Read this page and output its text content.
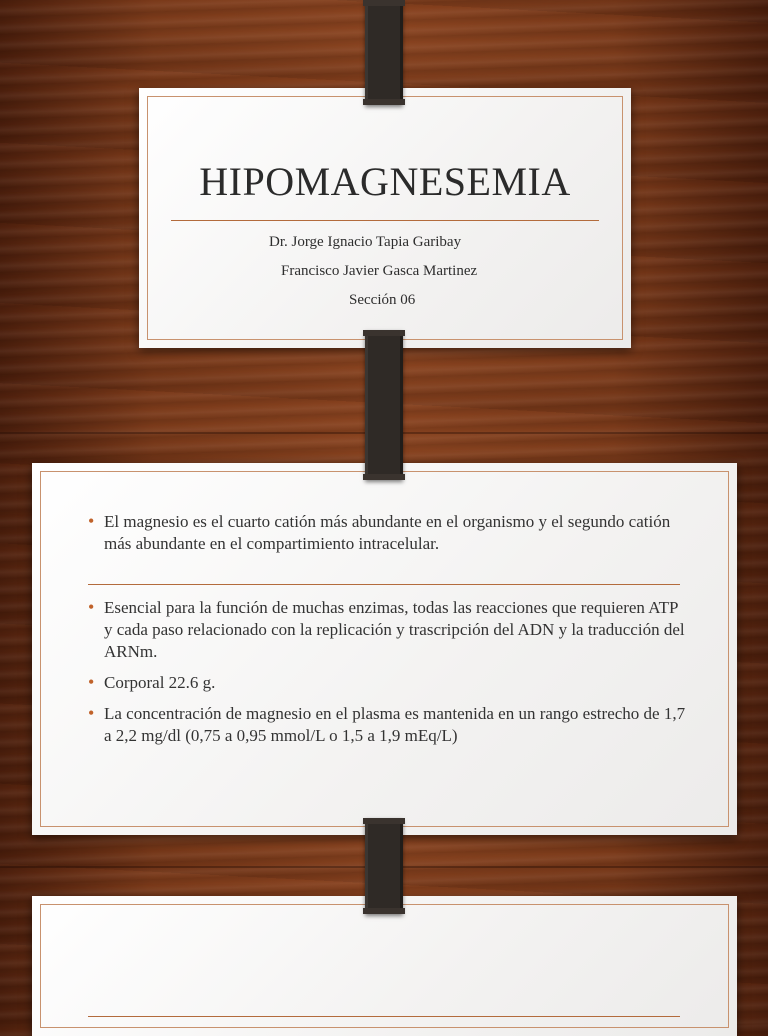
HIPOMAGNESEMIA
Dr. Jorge Ignacio Tapia Garibay
Francisco Javier Gasca Martinez
Sección 06
• El magnesio es el cuarto catión más abundante en el organismo y el segundo catión más abundante en el compartimiento intracelular.
• Esencial para la función de muchas enzimas, todas las reacciones que requieren ATP y cada paso relacionado con la replicación y trascripción del ADN y la traducción del ARNm.
• Corporal 22.6 g.
• La concentración de magnesio en el plasma es mantenida en un rango estrecho de 1,7 a 2,2 mg/dl (0,75 a 0,95 mmol/L o 1,5 a 1,9 mEq/L)
